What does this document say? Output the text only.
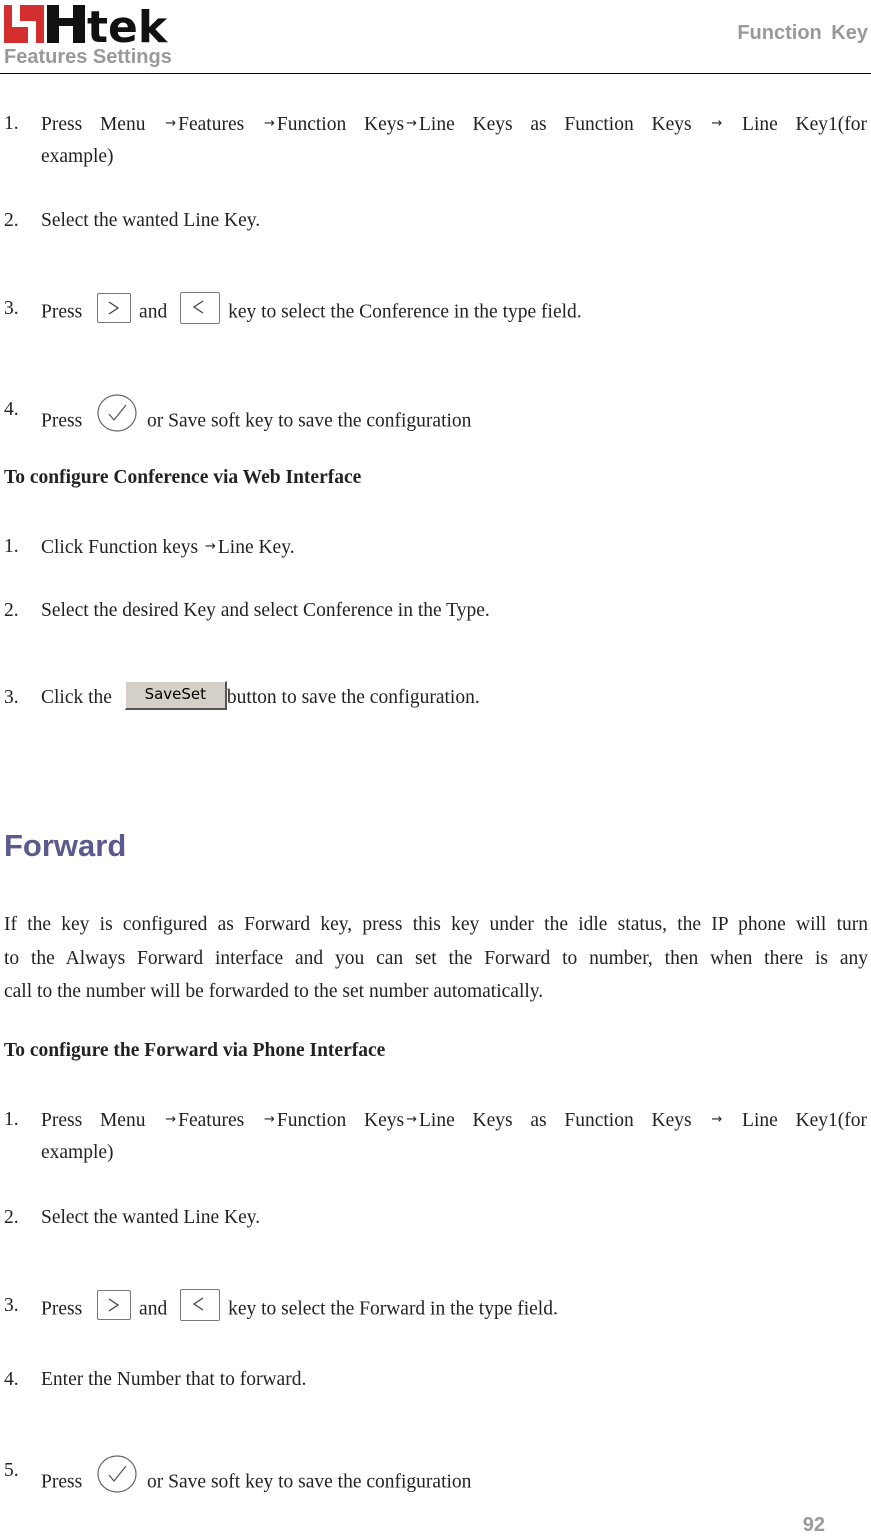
tek
Features Settings
Function Key
1. Press Menu → Features → Function Keys → Line Keys as Function Keys → Line Key1(for
example)
2. Select the wanted Line Key.
3. Press	and	key to select the Conference in the type field.
4.
Press	or Save soft key to save the configuration
To configure Conference via Web Interface
1. Click Function keys → Line Key.
2. Select the desired Key and select Conference in the Type.
3. Click the SaveSet button to save the configuration.
Forward
If the key is configured as Forward key, press this key under the idle status, the IP phone will turn
to the Always Forward interface and you can set the Forward to number, then when there is any
call to the number will be forwarded to the set number automatically.
To configure the Forward via Phone Interface
1. Press Menu → Features → Function Keys → Line Keys as Function Keys → Line Key1(for
example)
2. Select the wanted Line Key.
3. Press	and	key to select the Forward in the type field.
4. Enter the Number that to forward.
5.
Press	or Save soft key to save the configuration
92
